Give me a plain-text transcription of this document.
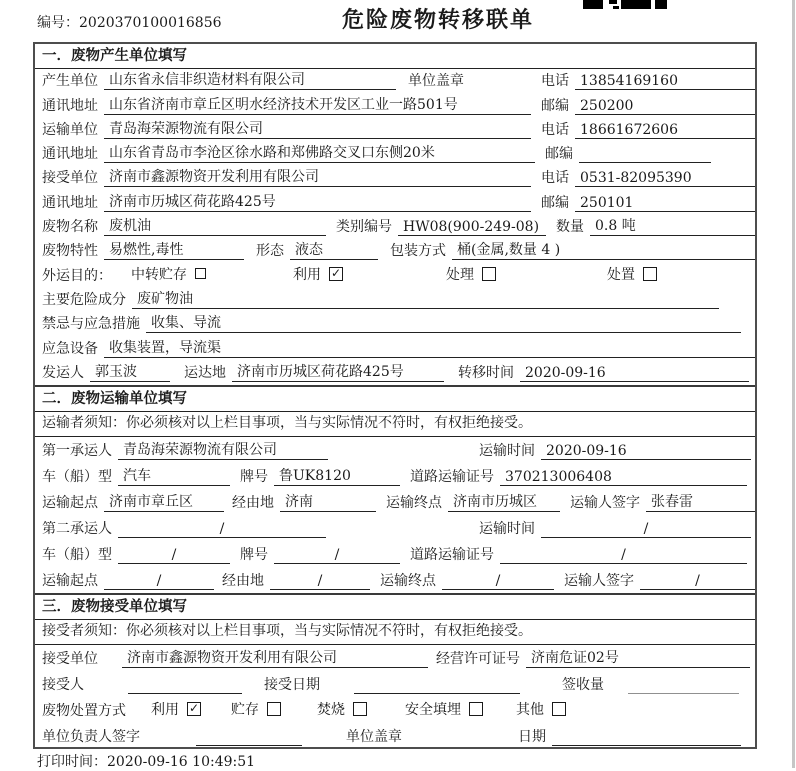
编号：2020370100016856	危险废物转移联单
一．废物产生单位填写
产生单位 山东省永信非织造材料有限公司	单位盖章	电话 13854169160
通讯地址 山东省济南市章丘区明水经济技术开发区工业一路501号	邮编 250200
运输单位 青岛海荣源物流有限公司	电话 18661672606
通讯地址 山东省青岛市李沧区徐水路和郑佛路交叉口东侧20米	邮编
接受单位 济南市鑫源物资开发利用有限公司	电话 0531-82095390
通讯地址 济南市历城区荷花路425号	邮编 250101
废物名称 废机油	类别编号 HW08(900-249-08)	数量 0.8 吨
废物特性 易燃性,毒性	形态 液态	包装方式 桶(金属,数量 4 )
外运目的： 中转贮存	利用 ✓	处理	处置
主要危险成分 废矿物油
禁忌与应急措施 收集、导流
应急设备 收集装置，导流渠
发运人 郭玉波	运达地 济南市历城区荷花路425号	转移时间 2020-09-16
二．废物运输单位填写
运输者须知：你必须核对以上栏目事项，当与实际情况不符时，有权拒绝接受。
第一承运人 青岛海荣源物流有限公司	运输时间 2020-09-16
车（船）型 汽车	牌号 鲁UK8120	道路运输证号 370213006408
运输起点 济南市章丘区	经由地 济南	运输终点 济南市历城区	运输人签字 张春雷
第二承运人	/	运输时间	/
车（船）型	/	牌号	/	道路运输证号	/
运输起点	/	经由地	/	运输终点	/	运输人签字	/
三．废物接受单位填写
接受者须知：你必须核对以上栏目事项，当与实际情况不符时，有权拒绝接受。
接受单位	济南市鑫源物资开发利用有限公司	经营许可证号 济南危证02号
接受人	接受日期	签收量
废物处置方式 利用 ✓ 贮存	焚烧	安全填埋	其他
单位负责人签字	单位盖章	日期
打印时间：2020-09-16 10:49:51
